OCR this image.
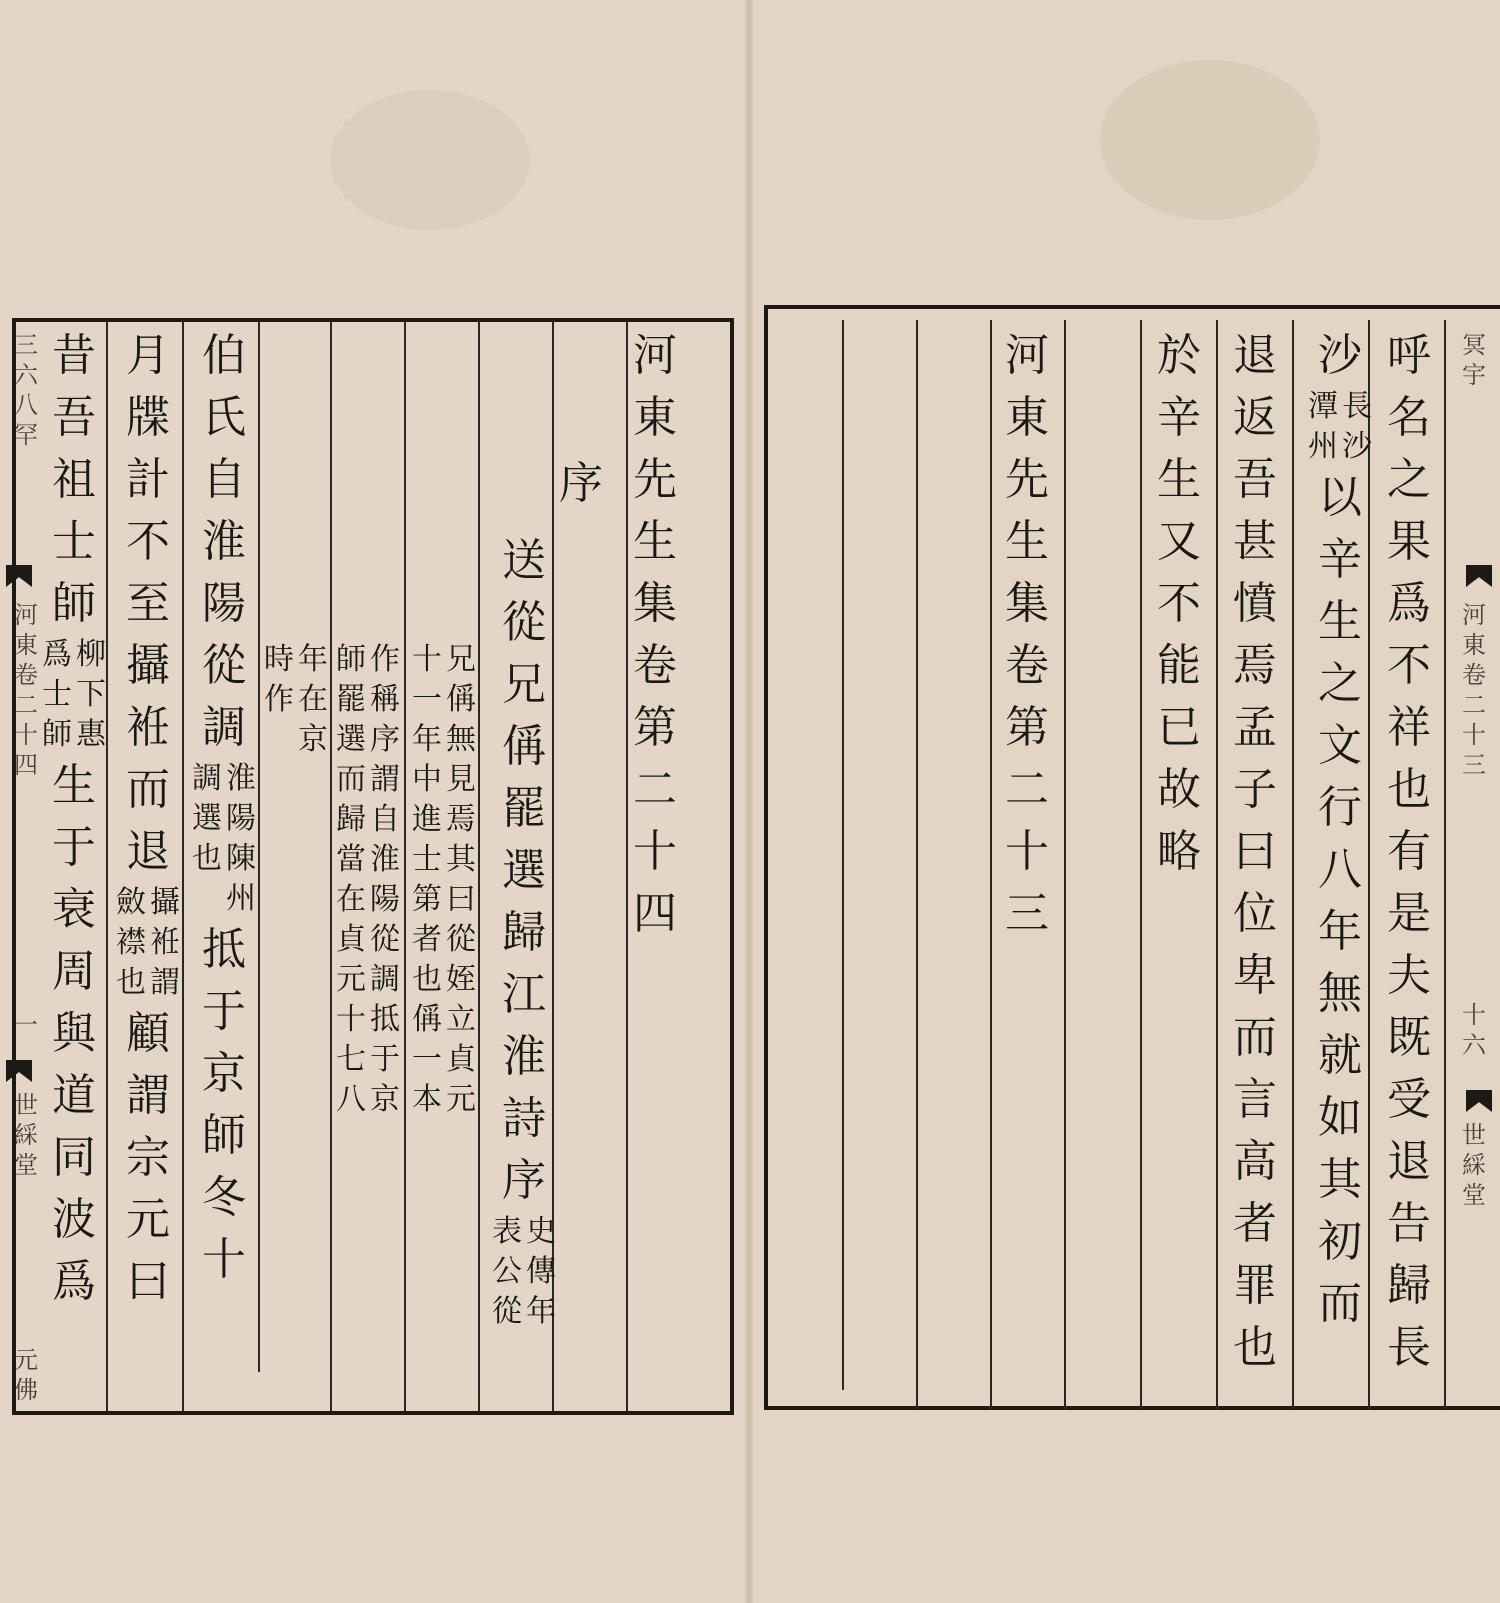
河
東
先
生
集
卷
第
二
十
四
序
送
從
兄
偁
罷
選
歸
江
淮
詩
序
史
傳
年
表
公
從
兄
偁
無
見
焉
其
曰
從
姪
立
貞
元
十
一
年
中
進
士
第
者
也
偁
一
本
作
稱
序
謂
自
淮
陽
從
調
抵
于
京
師
罷
選
而
歸
當
在
貞
元
十
七
八
年
在
京
時
作
伯
氏
自
淮
陽
從
調
淮
陽
陳
州
調
選
也
抵
于
京
師
冬
十
月
牒
計
不
至
攝
袵
而
退
攝
袵
謂
斂
襟
也
顧
謂
宗
元
曰
昔
吾
祖
士
師
柳
下
惠
爲
士
師
生
于
衰
周
與
道
同
波
爲
三
六
八
罕
河
東
卷
二
十
四
一
世
綵
堂
元
佛
呼
名
之
果
爲
不
祥
也
有
是
夫
既
受
退
告
歸
長
沙
長
沙
潭
州
以
辛
生
之
文
行
八
年
無
就
如
其
初
而
退
返
吾
甚
憤
焉
孟
子
曰
位
卑
而
言
高
者
罪
也
於
辛
生
又
不
能
已
故
略
河
東
先
生
集
卷
第
二
十
三
冥
宇
河
東
卷
二
十
三
十
六
世
綵
堂
